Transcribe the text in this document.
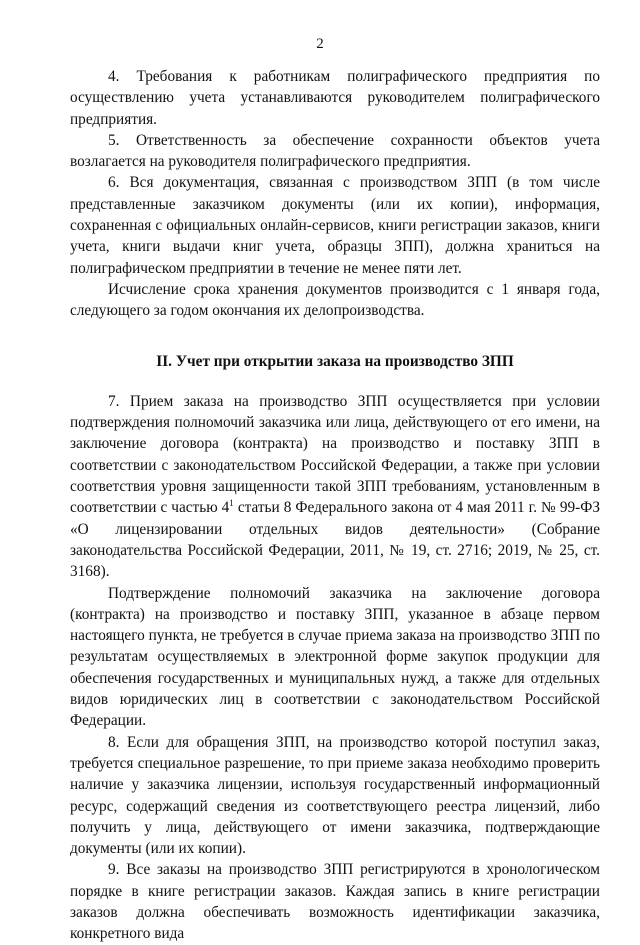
2

4. Требования к работникам полиграфического предприятия по осуществлению учета устанавливаются руководителем полиграфического предприятия.

5. Ответственность за обеспечение сохранности объектов учета возлагается на руководителя полиграфического предприятия.

6. Вся документация, связанная с производством ЗПП (в том числе представленные заказчиком документы (или их копии), информация, сохраненная с официальных онлайн-сервисов, книги регистрации заказов, книги учета, книги выдачи книг учета, образцы ЗПП), должна храниться на полиграфическом предприятии в течение не менее пяти лет.

Исчисление срока хранения документов производится с 1 января года, следующего за годом окончания их делопроизводства.

II. Учет при открытии заказа на производство ЗПП

7. Прием заказа на производство ЗПП осуществляется при условии подтверждения полномочий заказчика или лица, действующего от его имени, на заключение договора (контракта) на производство и поставку ЗПП в соответствии с законодательством Российской Федерации, а также при условии соответствия уровня защищенности такой ЗПП требованиям, установленным в соответствии с частью $4^1$ статьи 8 Федерального закона от 4 мая 2011 г. № 99-ФЗ «О лицензировании отдельных видов деятельности» (Собрание законодательства Российской Федерации, 2011, № 19, ст. 2716; 2019, № 25, ст. 3168).

Подтверждение полномочий заказчика на заключение договора (контракта) на производство и поставку ЗПП, указанное в абзаце первом настоящего пункта, не требуется в случае приема заказа на производство ЗПП по результатам осуществляемых в электронной форме закупок продукции для обеспечения государственных и муниципальных нужд, а также для отдельных видов юридических лиц в соответствии с законодательством Российской Федерации.

8. Если для обращения ЗПП, на производство которой поступил заказ, требуется специальное разрешение, то при приеме заказа необходимо проверить наличие у заказчика лицензии, используя государственный информационный ресурс, содержащий сведения из соответствующего реестра лицензий, либо получить у лица, действующего от имени заказчика, подтверждающие документы (или их копии).

9. Все заказы на производство ЗПП регистрируются в хронологическом порядке в книге регистрации заказов. Каждая запись в книге регистрации заказов должна обеспечивать возможность идентификации заказчика, конкретного вида
